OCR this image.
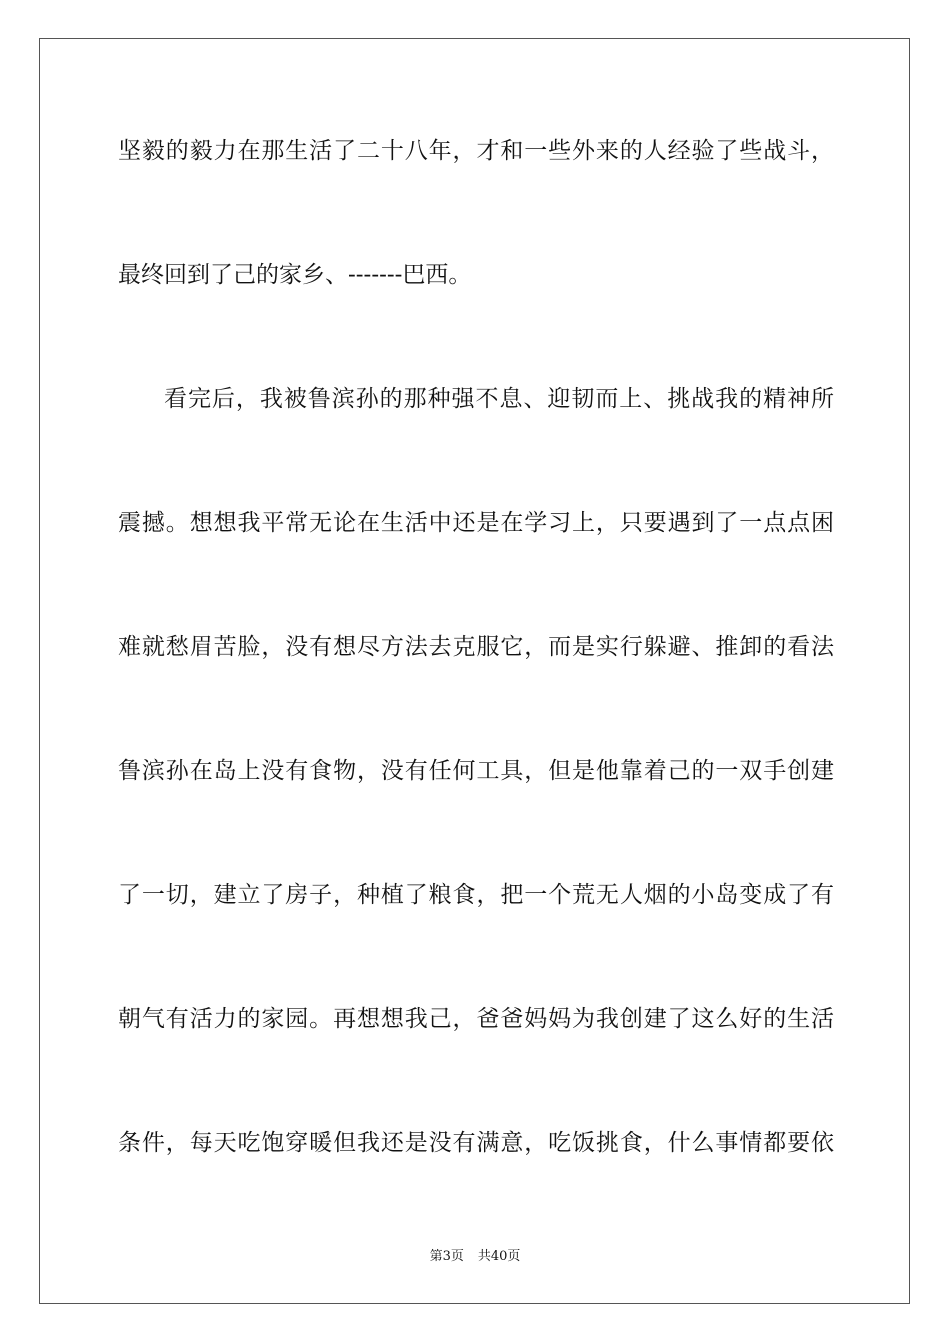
坚毅的毅力在那生活了二十八年，才和一些外来的人经验了些战斗，
最终回到了己的家乡、-------巴西。
看完后，我被鲁滨孙的那种强不息、迎韧而上、挑战我的精神所
震撼。想想我平常无论在生活中还是在学习上，只要遇到了一点点困
难就愁眉苦脸，没有想尽方法去克服它，而是实行躲避、推卸的看法
鲁滨孙在岛上没有食物，没有任何工具，但是他靠着己的一双手创建
了一切，建立了房子，种植了粮食，把一个荒无人烟的小岛变成了有
朝气有活力的家园。再想想我己，爸爸妈妈为我创建了这么好的生活
条件，每天吃饱穿暖但我还是没有满意，吃饭挑食，什么事情都要依
第3页 共40页
